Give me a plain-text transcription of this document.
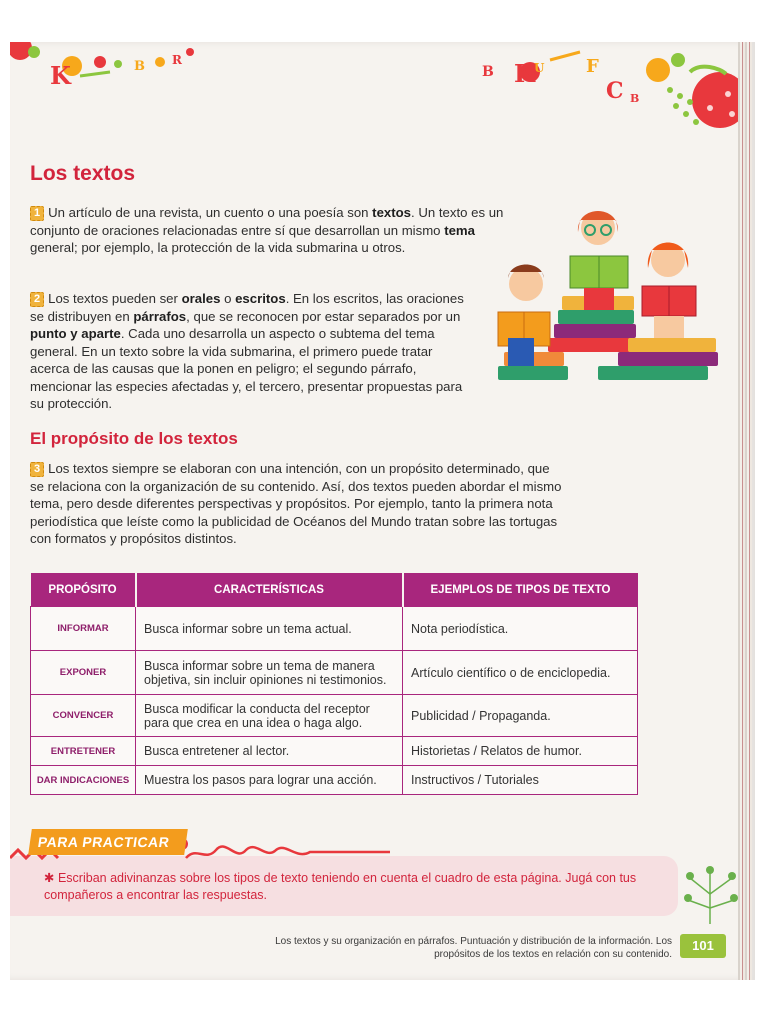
K	B R
B K U F
C B
Los textos

1 Un artículo de una revista, un cuento o una poesía son textos. Un texto es un conjunto de oraciones relacionadas entre sí que desarrollan un mismo tema general; por ejemplo, la protección de la vida submarina u otros.

2 Los textos pueden ser orales o escritos. En los escritos, las oraciones se distribuyen en párrafos, que se reconocen por estar separados por un punto y aparte. Cada uno desarrolla un aspecto o subtema del tema general. En un texto sobre la vida submarina, el primero puede tratar acerca de las causas que la ponen en peligro; el segundo párrafo, mencionar las especies afectadas y, el tercero, presentar propuestas para su protección.

El propósito de los textos

3 Los textos siempre se elaboran con una intención, con un propósito determinado, que se relaciona con la organización de su contenido. Así, dos textos pueden abordar el mismo tema, pero desde diferentes perspectivas y propósitos. Por ejemplo, tanto la primera nota periodística que leíste como la publicidad de Océanos del Mundo tratan sobre las tortugas con formatos y propósitos distintos.

PROPÓSITO	CARACTERÍSTICAS	EJEMPLOS DE TIPOS DE TEXTO
INFORMAR	Busca informar sobre un tema actual.	Nota periodística.
EXPONER	Busca informar sobre un tema de manera objetiva, sin incluir opiniones ni testimonios.	Artículo científico o de enciclopedia.
CONVENCER	Busca modificar la conducta del receptor para que crea en una idea o haga algo.	Publicidad / Propaganda.
ENTRETENER	Busca entretener al lector.	Historietas / Relatos de humor.
DAR INDICACIONES	Muestra los pasos para lograr una acción.	Instructivos / Tutoriales
PARA PRACTICAR

✱ Escriban adivinanzas sobre los tipos de texto teniendo en cuenta el cuadro de esta página. Jugá con tus compañeros a encontrar las respuestas.

Los textos y su organización en párrafos. Puntuación y distribución de la información. Los propósitos de los textos en relación con su contenido.

101
